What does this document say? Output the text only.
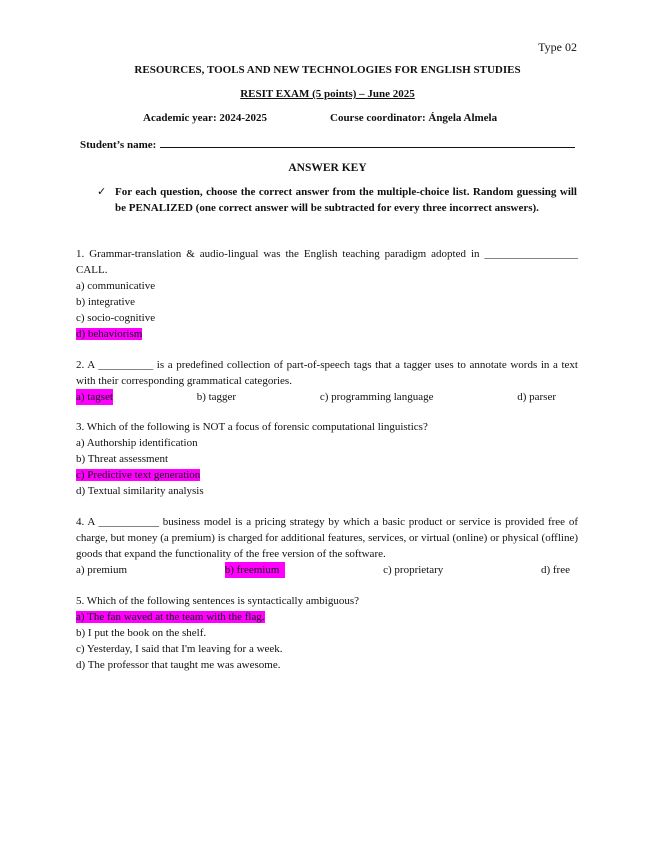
Type 02
RESOURCES, TOOLS AND NEW TECHNOLOGIES FOR ENGLISH STUDIES
RESIT EXAM (5 points) – June 2025
Academic year: 2024-2025	Course coordinator: Ángela Almela
Student’s name:
ANSWER KEY
✓ For each question, choose the correct answer from the multiple-choice list. Random guessing will be PENALIZED (one correct answer will be subtracted for every three incorrect answers).
1. Grammar-translation & audio-lingual was the English teaching paradigm adopted in _________________ CALL.
a) communicative
b) integrative
c) socio-cognitive
d) behaviorism
2. A __________ is a predefined collection of part-of-speech tags that a tagger uses to annotate words in a text with their corresponding grammatical categories.
a) tagset	b) tagger	c) programming language	d) parser
3. Which of the following is NOT a focus of forensic computational linguistics?
a) Authorship identification
b) Threat assessment
c) Predictive text generation
d) Textual similarity analysis
4. A ___________ business model is a pricing strategy by which a basic product or service is provided free of charge, but money (a premium) is charged for additional features, services, or virtual (online) or physical (offline) goods that expand the functionality of the free version of the software.
a) premium	b) freemium	c) proprietary	d) free
5. Which of the following sentences is syntactically ambiguous?
a) The fan waved at the team with the flag.
b) I put the book on the shelf.
c) Yesterday, I said that I'm leaving for a week.
d) The professor that taught me was awesome.
